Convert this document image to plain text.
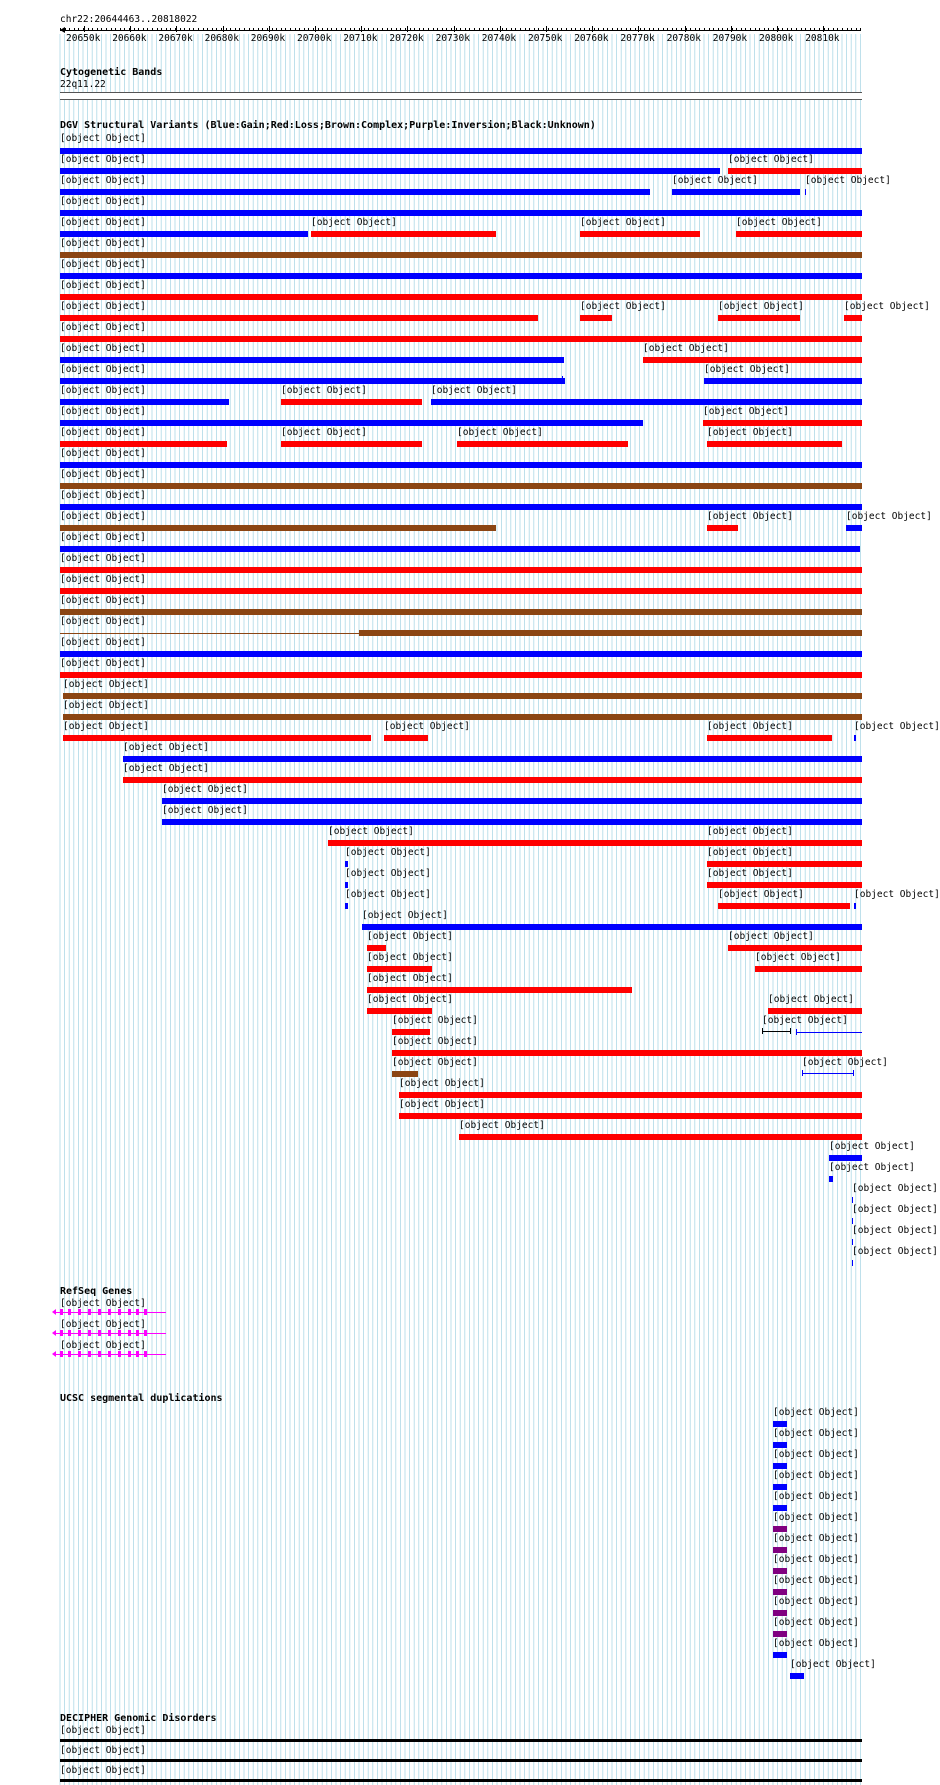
chr22:20644463..20818022
20650k 20660k 20670k 20680k 20690k 20700k 20710k 20720k 20730k 20740k 20750k 20760k 20770k 20780k 20790k 20800k 20810k
Cytogenetic Bands
22q11.22
DGV Structural Variants (Blue:Gain;Red:Loss;Brown:Complex;Purple:Inversion;Black:Unknown)
[object Object]
[object Object]	[object Object]
[object Object]	[object Object]	[object Object]
[object Object]
[object Object]	[object Object]	[object Object]	[object Object]
[object Object]
[object Object]
[object Object]
[object Object]	[object Object]	[object Object]	[object Object]
[object Object]
[object Object]	[object Object]
[object Object]	[object Object]
[object Object]	[object Object]	[object Object]
[object Object]	[object Object]
[object Object]	[object Object]	[object Object]	[object Object]
[object Object]
[object Object]
[object Object]
[object Object]	[object Object]	[object Object]
[object Object]
[object Object]
[object Object]
[object Object]
[object Object]
[object Object]
[object Object]
[object Object]
[object Object]
[object Object]	[object Object]	[object Object]	[object Object]
[object Object]
[object Object]
[object Object]
[object Object]
[object Object]	[object Object]
[object Object]	[object Object]
[object Object]	[object Object]
[object Object]	[object Object]	[object Object]
[object Object]
[object Object]	[object Object]
[object Object]	[object Object]
[object Object]
[object Object]	[object Object]
[object Object]
[object Object]
[object Object]
[object Object]
[object Object]
[object Object]
[object Object]
[object Object]
[object Object]
[object Object]
[object Object]
[object Object]
[object Object]
[object Object]
RefSeq Genes
[object Object]
[object Object]
[object Object]
UCSC segmental duplications
[object Object]
[object Object]
[object Object]
[object Object]
[object Object]
[object Object]
[object Object]
[object Object]
[object Object]
[object Object]
[object Object]
[object Object]
[object Object]
DECIPHER Genomic Disorders
[object Object]
[object Object]
[object Object]
